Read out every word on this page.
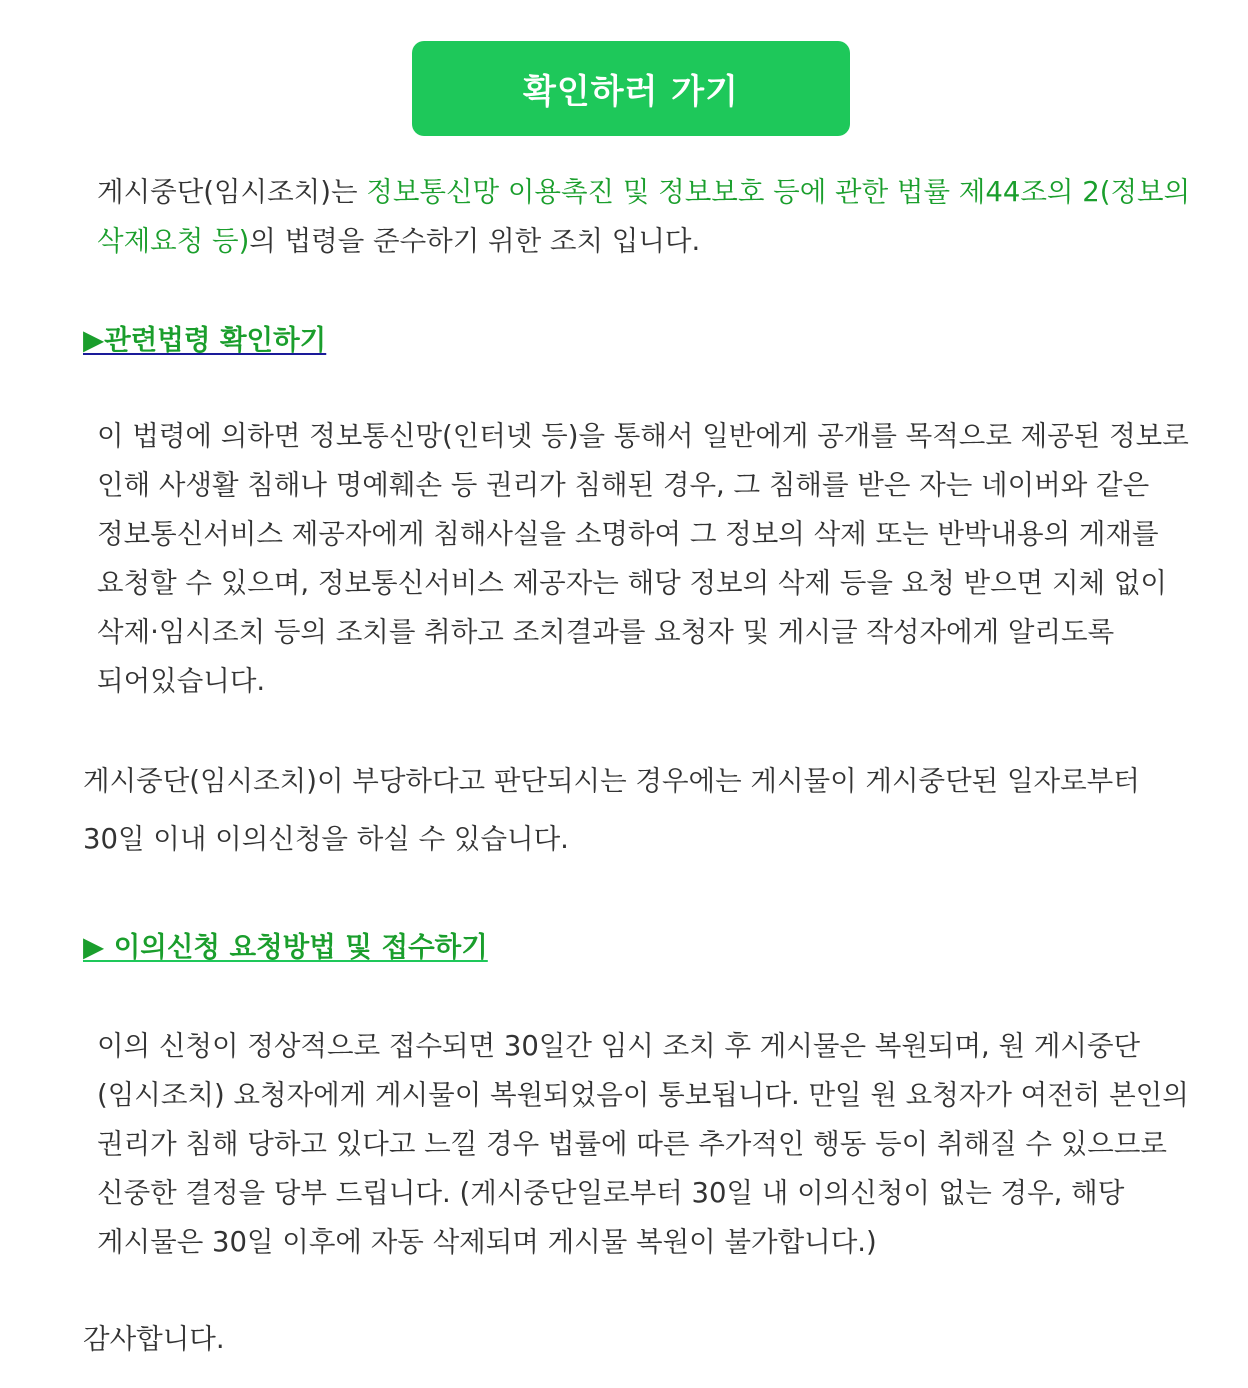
확인하러 가기
게시중단(임시조치)는 정보통신망 이용촉진 및 정보보호 등에 관한 법률 제44조의 2(정보의 삭제요청 등)의 법령을 준수하기 위한 조치 입니다.
▶관련법령 확인하기
이 법령에 의하면 정보통신망(인터넷 등)을 통해서 일반에게 공개를 목적으로 제공된 정보로 인해 사생활 침해나 명예훼손 등 권리가 침해된 경우, 그 침해를 받은 자는 네이버와 같은 정보통신서비스 제공자에게 침해사실을 소명하여 그 정보의 삭제 또는 반박내용의 게재를 요청할 수 있으며, 정보통신서비스 제공자는 해당 정보의 삭제 등을 요청 받으면 지체 없이 삭제·임시조치 등의 조치를 취하고 조치결과를 요청자 및 게시글 작성자에게 알리도록 되어있습니다.
게시중단(임시조치)이 부당하다고 판단되시는 경우에는 게시물이 게시중단된 일자로부터 30일 이내 이의신청을 하실 수 있습니다.
▶ 이의신청 요청방법 및 접수하기
이의 신청이 정상적으로 접수되면 30일간 임시 조치 후 게시물은 복원되며, 원 게시중단(임시조치) 요청자에게 게시물이 복원되었음이 통보됩니다. 만일 원 요청자가 여전히 본인의 권리가 침해 당하고 있다고 느낄 경우 법률에 따른 추가적인 행동 등이 취해질 수 있으므로 신중한 결정을 당부 드립니다. (게시중단일로부터 30일 내 이의신청이 없는 경우, 해당 게시물은 30일 이후에 자동 삭제되며 게시물 복원이 불가합니다.)
감사합니다.
